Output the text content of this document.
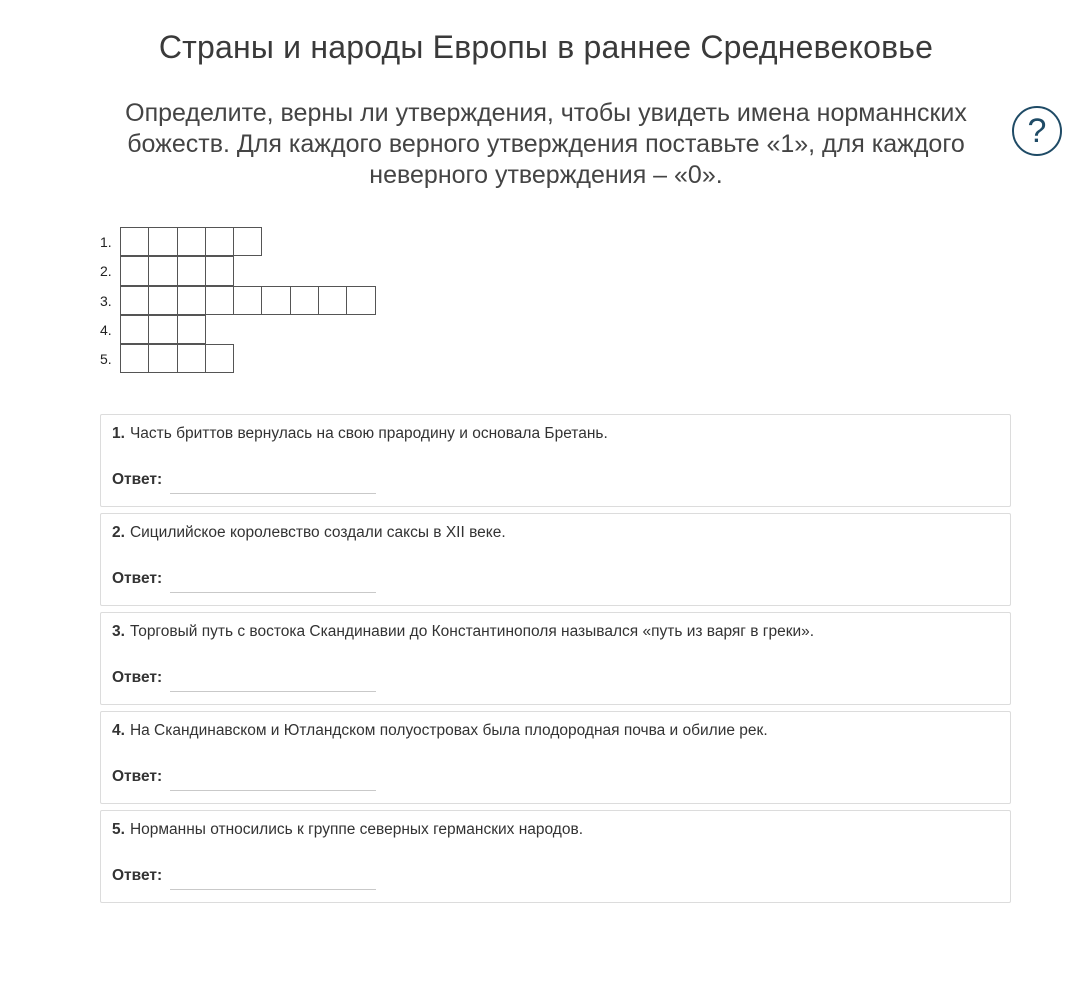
Страны и народы Европы в раннее Средневековье
Определите, верны ли утверждения, чтобы увидеть имена норманнских божеств. Для каждого верного утверждения поставьте «1», для каждого неверного утверждения – «0».
?
1.
2.
3.
4.
5.
1. Часть бриттов вернулась на свою прародину и основала Бретань.
Ответ:
2. Сицилийское королевство создали саксы в XII веке.
Ответ:
3. Торговый путь с востока Скандинавии до Константинополя назывался «путь из варяг в греки».
Ответ:
4. На Скандинавском и Ютландском полуостровах была плодородная почва и обилие рек.
Ответ:
5. Норманны относились к группе северных германских народов.
Ответ:
